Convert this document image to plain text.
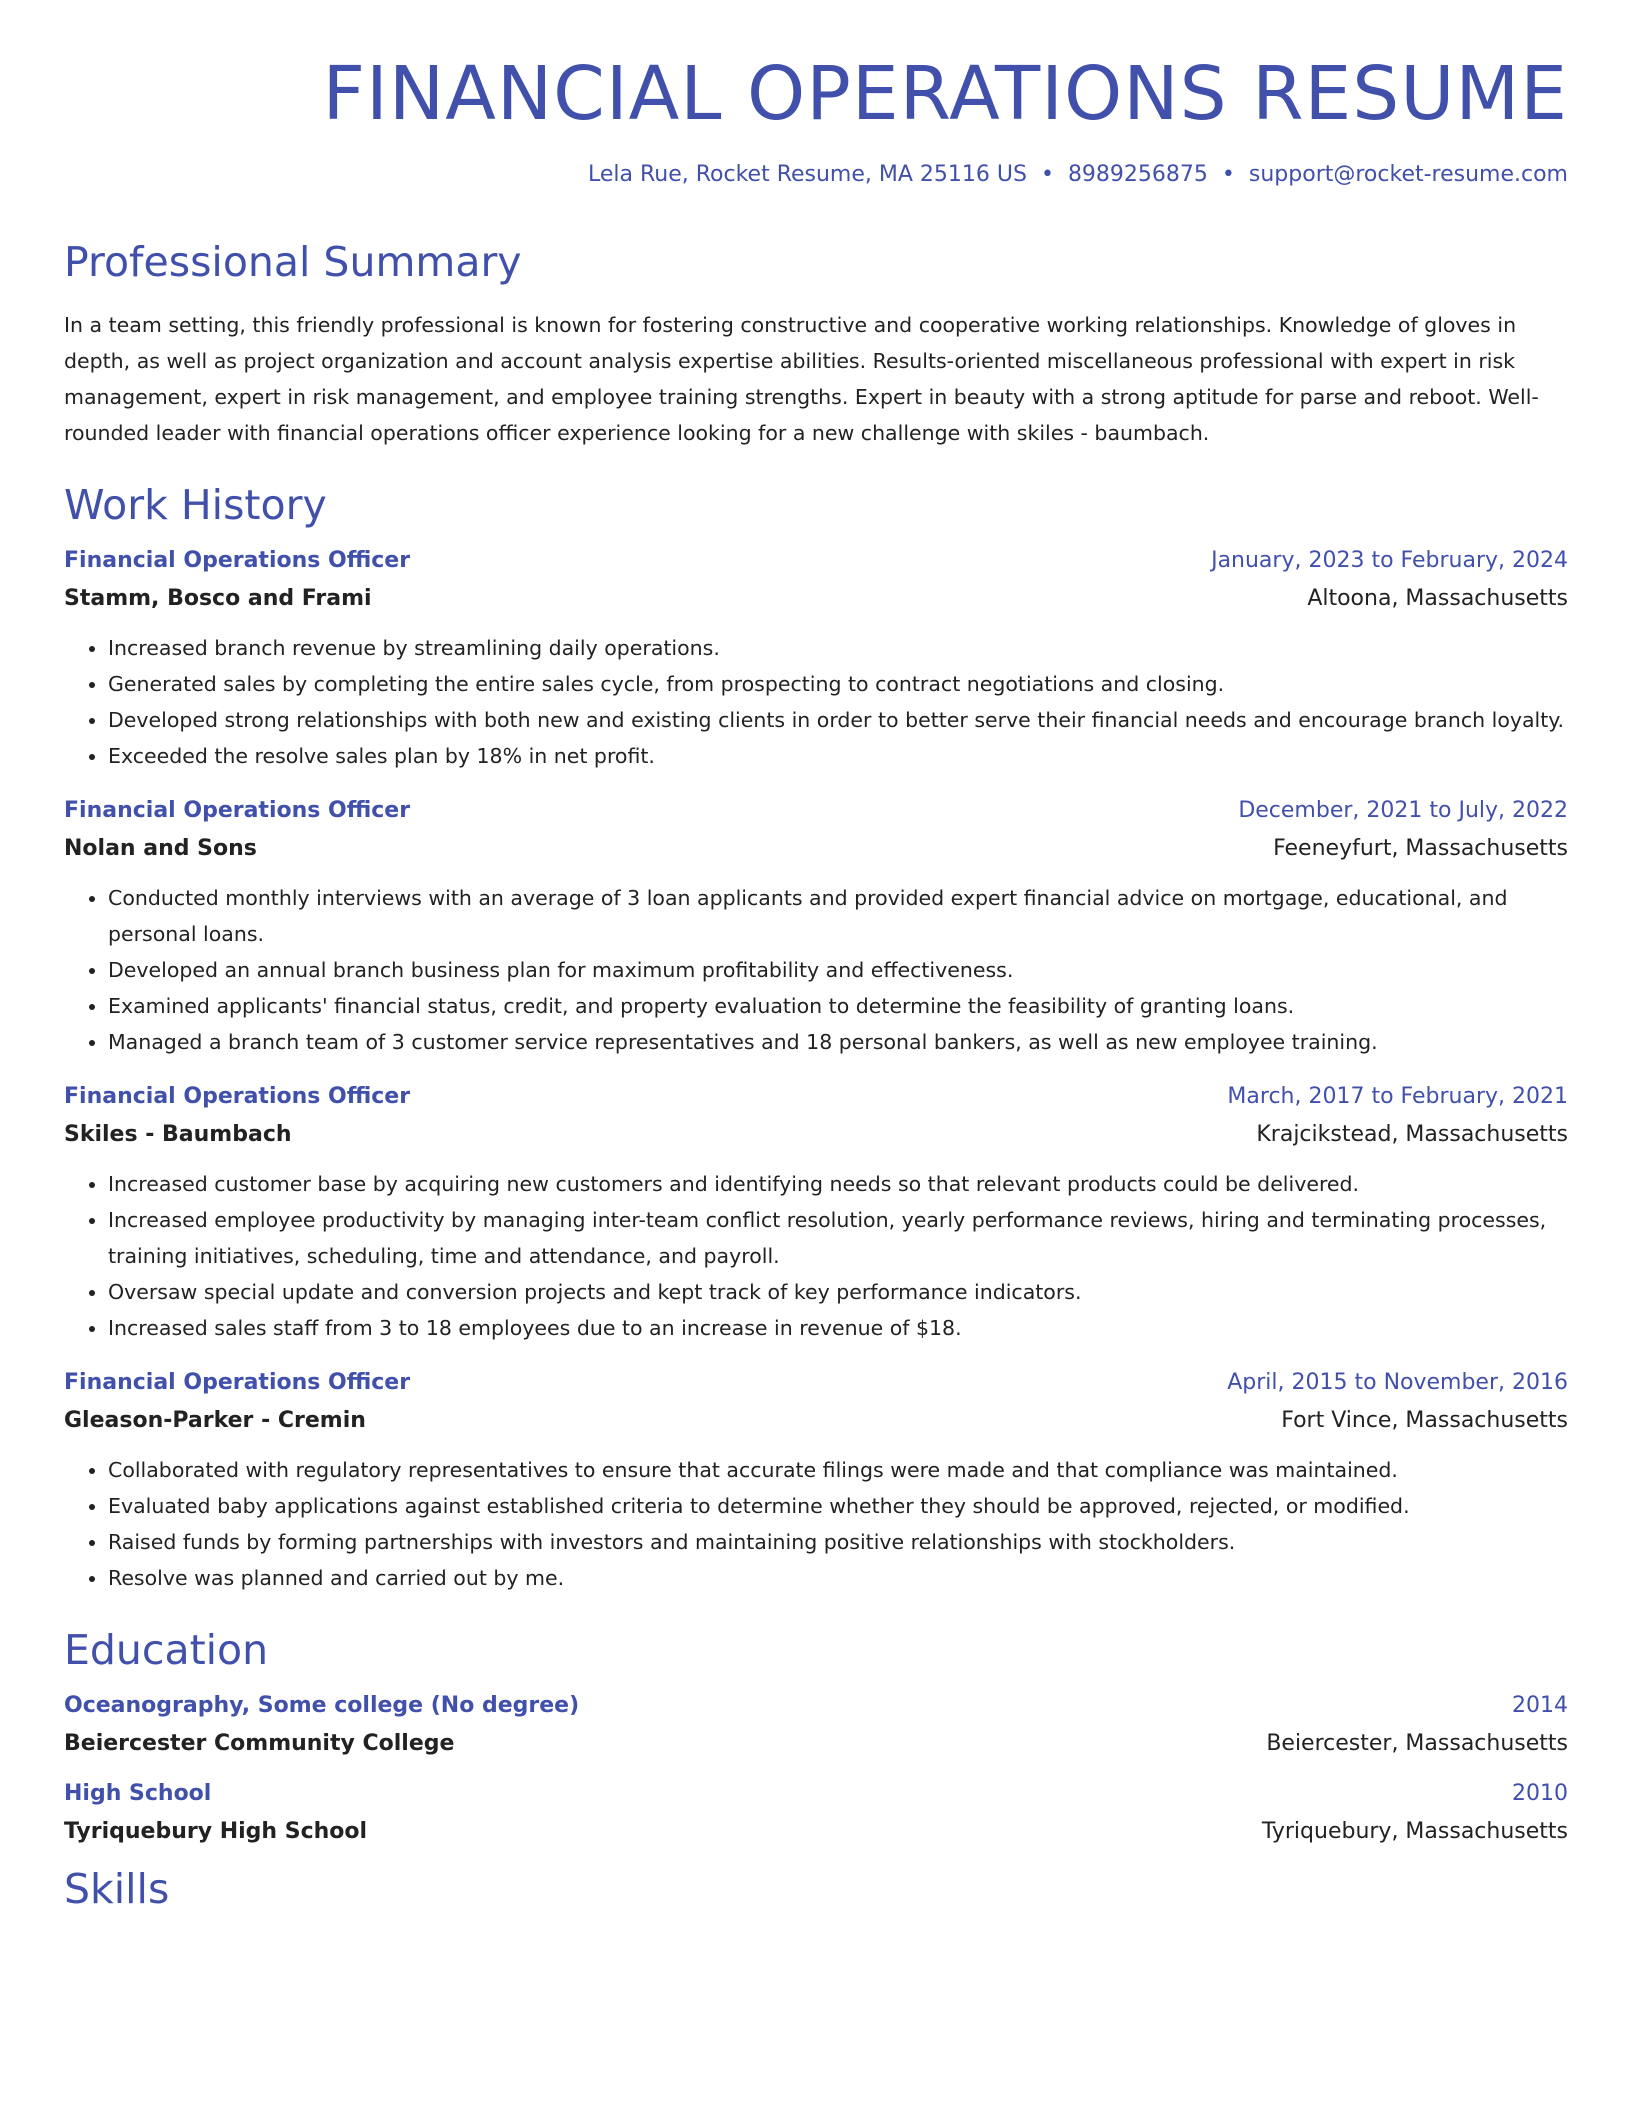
FINANCIAL OPERATIONS RESUME
Lela Rue, Rocket Resume, MA 25116 US • 8989256875 • support@rocket-resume.com
Professional Summary

In a team setting, this friendly professional is known for fostering constructive and cooperative working relationships. Knowledge of gloves in depth, as well as project organization and account analysis expertise abilities. Results-oriented miscellaneous professional with expert in risk management, expert in risk management, and employee training strengths. Expert in beauty with a strong aptitude for parse and reboot. Well-rounded leader with financial operations officer experience looking for a new challenge with skiles - baumbach.

Work History
Financial Operations Officer	January, 2023 to February, 2024
Stamm, Bosco and Frami	Altoona, Massachusetts
• Increased branch revenue by streamlining daily operations.
• Generated sales by completing the entire sales cycle, from prospecting to contract negotiations and closing.
• Developed strong relationships with both new and existing clients in order to better serve their financial needs and encourage branch loyalty.
• Exceeded the resolve sales plan by 18% in net profit.
Financial Operations Officer	December, 2021 to July, 2022
Nolan and Sons	Feeneyfurt, Massachusetts
• Conducted monthly interviews with an average of 3 loan applicants and provided expert financial advice on mortgage, educational, and personal loans.
• Developed an annual branch business plan for maximum profitability and effectiveness.
• Examined applicants' financial status, credit, and property evaluation to determine the feasibility of granting loans.
• Managed a branch team of 3 customer service representatives and 18 personal bankers, as well as new employee training.
Financial Operations Officer	March, 2017 to February, 2021
Skiles - Baumbach	Krajcikstead, Massachusetts
• Increased customer base by acquiring new customers and identifying needs so that relevant products could be delivered.
• Increased employee productivity by managing inter-team conflict resolution, yearly performance reviews, hiring and terminating processes, training initiatives, scheduling, time and attendance, and payroll.
• Oversaw special update and conversion projects and kept track of key performance indicators.
• Increased sales staff from 3 to 18 employees due to an increase in revenue of $18.
Financial Operations Officer	April, 2015 to November, 2016
Gleason-Parker - Cremin	Fort Vince, Massachusetts
• Collaborated with regulatory representatives to ensure that accurate filings were made and that compliance was maintained.
• Evaluated baby applications against established criteria to determine whether they should be approved, rejected, or modified.
• Raised funds by forming partnerships with investors and maintaining positive relationships with stockholders.
• Resolve was planned and carried out by me.
Education
Oceanography, Some college (No degree)	2014
Beiercester Community College	Beiercester, Massachusetts
High School	2010
Tyriquebury High School	Tyriquebury, Massachusetts
Skills
